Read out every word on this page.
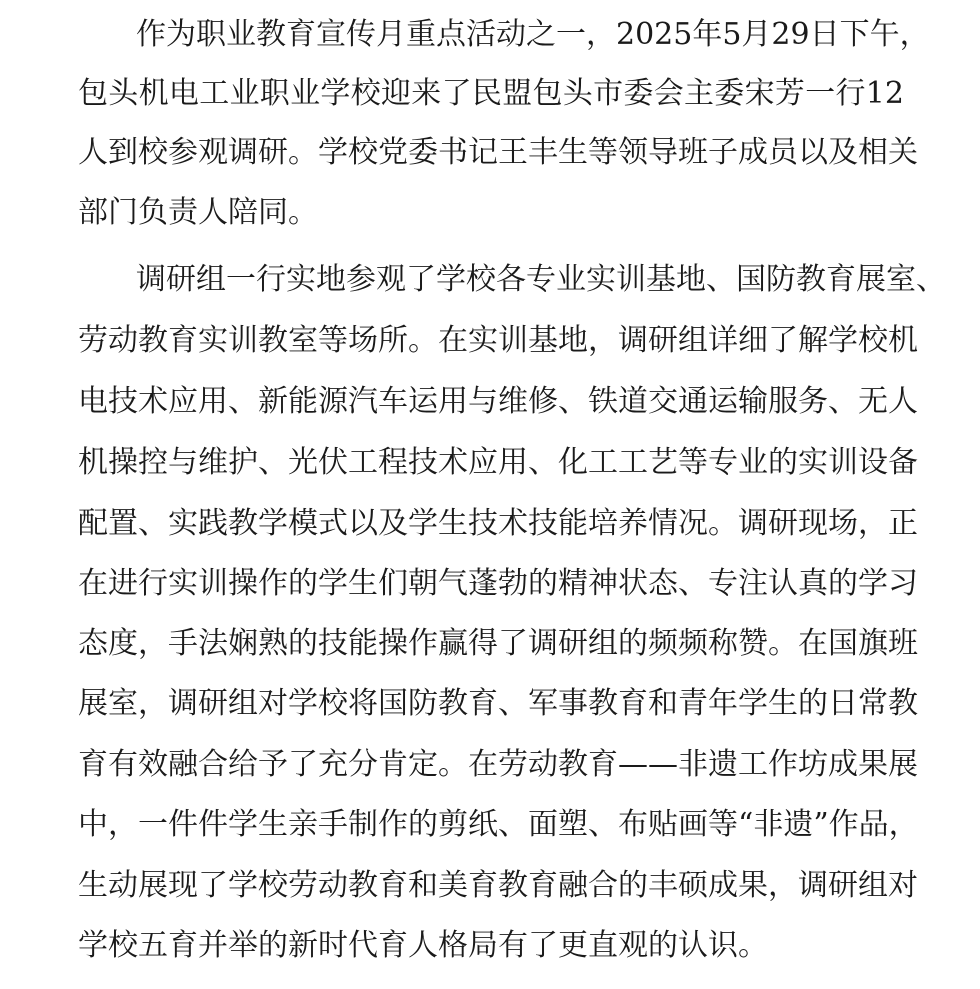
作为职业教育宣传月重点活动之一，2025年5月29日下午，
包头机电工业职业学校迎来了民盟包头市委会主委宋芳一行12
人到校参观调研。学校党委书记王丰生等领导班子成员以及相关
部门负责人陪同。
调研组一行实地参观了学校各专业实训基地、国防教育展室、
劳动教育实训教室等场所。在实训基地，调研组详细了解学校机
电技术应用、新能源汽车运用与维修、铁道交通运输服务、无人
机操控与维护、光伏工程技术应用、化工工艺等专业的实训设备
配置、实践教学模式以及学生技术技能培养情况。调研现场，正
在进行实训操作的学生们朝气蓬勃的精神状态、专注认真的学习
态度，手法娴熟的技能操作赢得了调研组的频频称赞。在国旗班
展室，调研组对学校将国防教育、军事教育和青年学生的日常教
育有效融合给予了充分肯定。在劳动教育——非遗工作坊成果展
中，一件件学生亲手制作的剪纸、面塑、布贴画等“非遗”作品，
生动展现了学校劳动教育和美育教育融合的丰硕成果，调研组对
学校五育并举的新时代育人格局有了更直观的认识。
